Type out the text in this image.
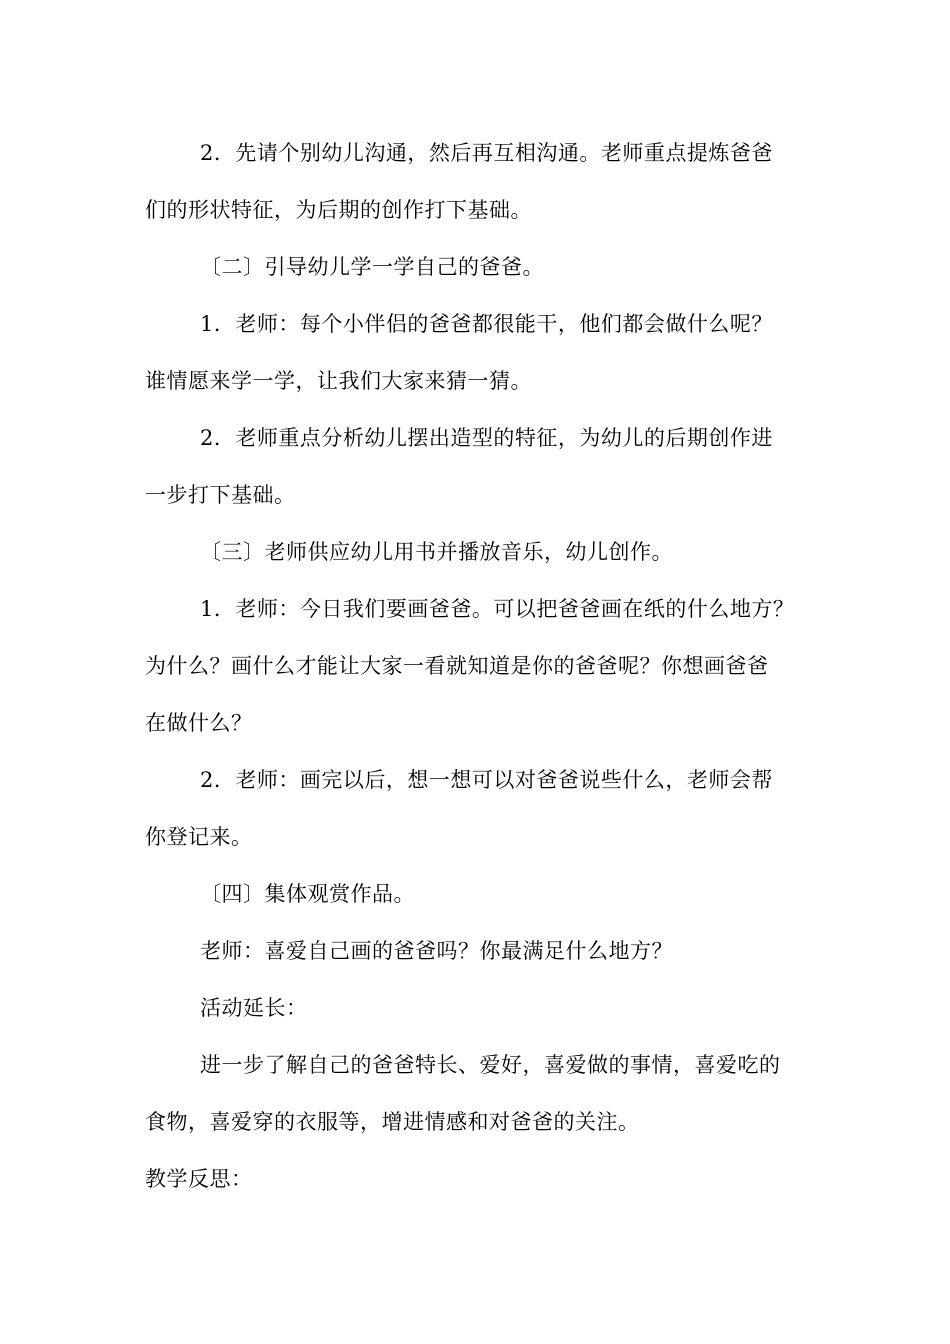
2．先请个别幼儿沟通，然后再互相沟通。老师重点提炼爸爸
们的形状特征，为后期的创作打下基础。
〔二〕引导幼儿学一学自己的爸爸。
1．老师：每个小伴侣的爸爸都很能干，他们都会做什么呢？
谁情愿来学一学，让我们大家来猜一猜。
2．老师重点分析幼儿摆出造型的特征，为幼儿的后期创作进
一步打下基础。
〔三〕老师供应幼儿用书并播放音乐，幼儿创作。
1．老师：今日我们要画爸爸。可以把爸爸画在纸的什么地方？
为什么？画什么才能让大家一看就知道是你的爸爸呢？你想画爸爸
在做什么？
2．老师：画完以后，想一想可以对爸爸说些什么，老师会帮
你登记来。
〔四〕集体观赏作品。
老师：喜爱自己画的爸爸吗？你最满足什么地方？
活动延长：
进一步了解自己的爸爸特长、爱好，喜爱做的事情，喜爱吃的
食物，喜爱穿的衣服等，增进情感和对爸爸的关注。
教学反思：
